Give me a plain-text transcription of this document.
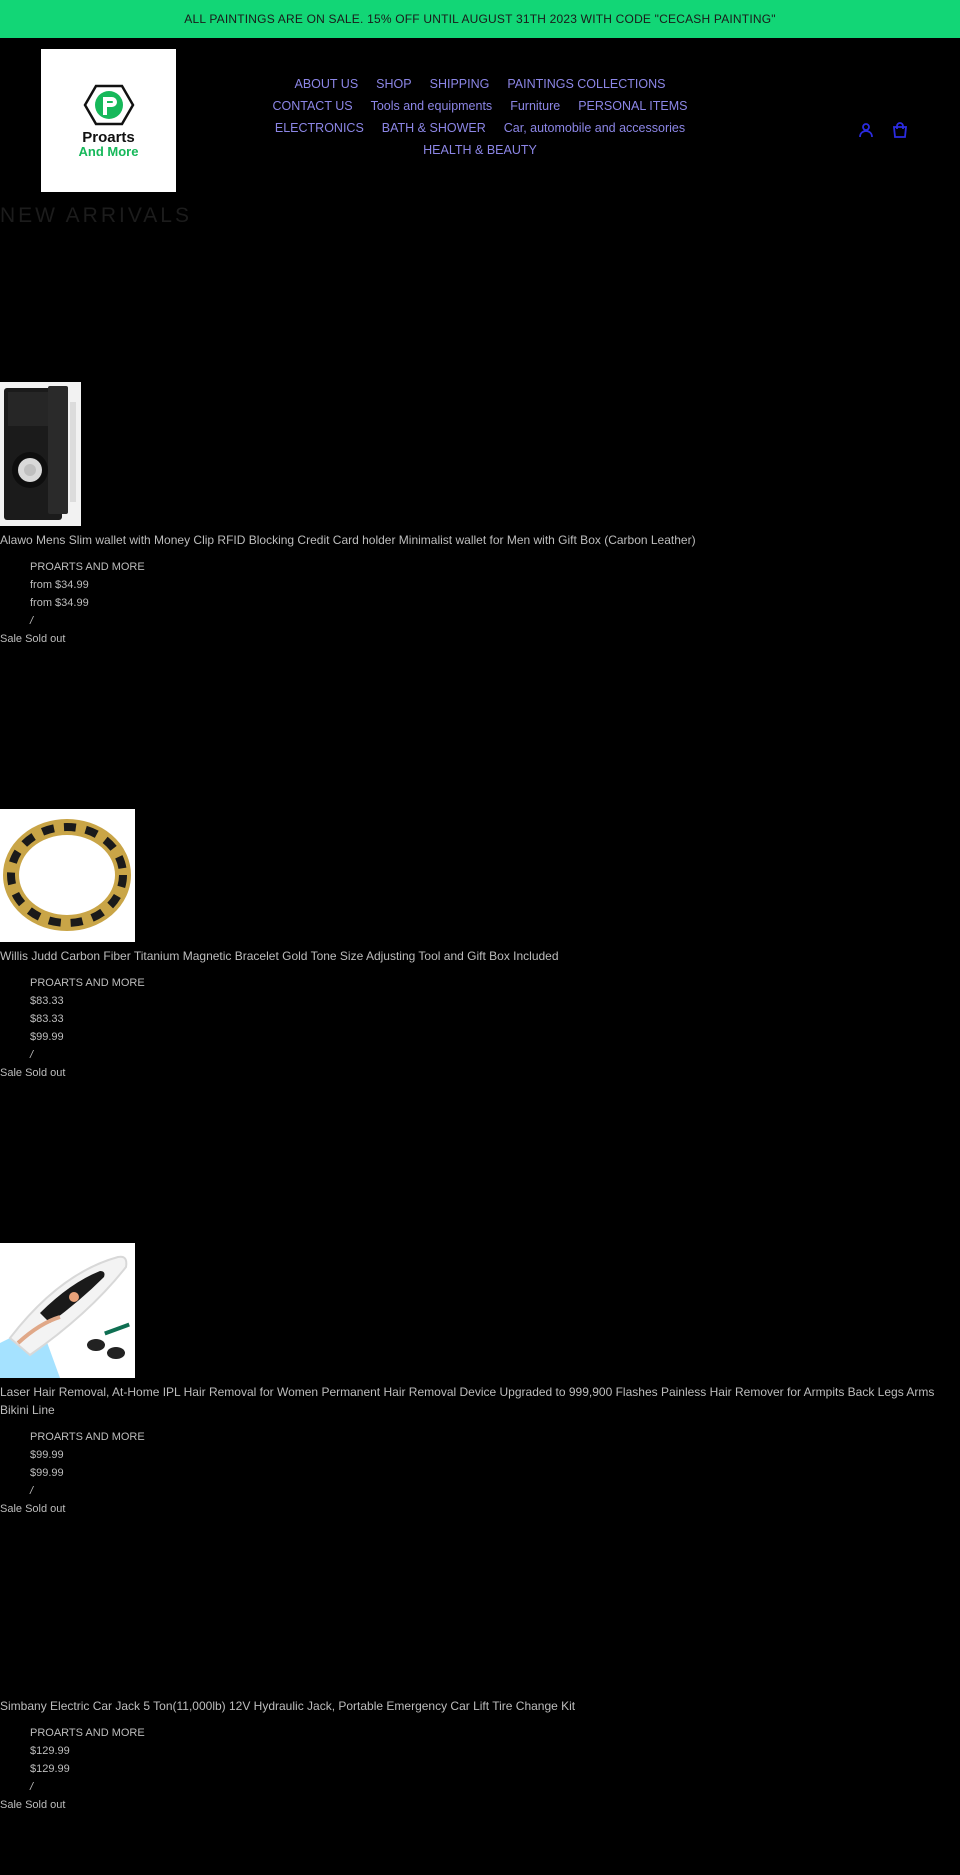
ALL PAINTINGS ARE ON SALE. 15% OFF UNTIL AUGUST 31TH 2023 WITH CODE "CECASH PAINTING"
Proarts
And More
ABOUT US SHOP SHIPPING PAINTINGS COLLECTIONS
CONTACT US Tools and equipments Furniture PERSONAL ITEMS
ELECTRONICS BATH & SHOWER Car, automobile and accessories
HEALTH & BEAUTY
NEW ARRIVALS
Alawo Mens Slim wallet with Money Clip RFID Blocking Credit Card holder Minimalist wallet for Men with Gift Box (Carbon Leather)
PROARTS AND MORE
from $34.99
from $34.99
/
Sale Sold out
Willis Judd Carbon Fiber Titanium Magnetic Bracelet Gold Tone Size Adjusting Tool and Gift Box Included
PROARTS AND MORE
$83.33
$83.33
$99.99
/
Sale Sold out
Laser Hair Removal, At-Home IPL Hair Removal for Women Permanent Hair Removal Device Upgraded to 999,900 Flashes Painless Hair Remover for Armpits Back Legs Arms Bikini Line
PROARTS AND MORE
$99.99
$99.99
/
Sale Sold out
Simbany Electric Car Jack 5 Ton(11,000lb) 12V Hydraulic Jack, Portable Emergency Car Lift Tire Change Kit
PROARTS AND MORE
$129.99
$129.99
/
Sale Sold out
